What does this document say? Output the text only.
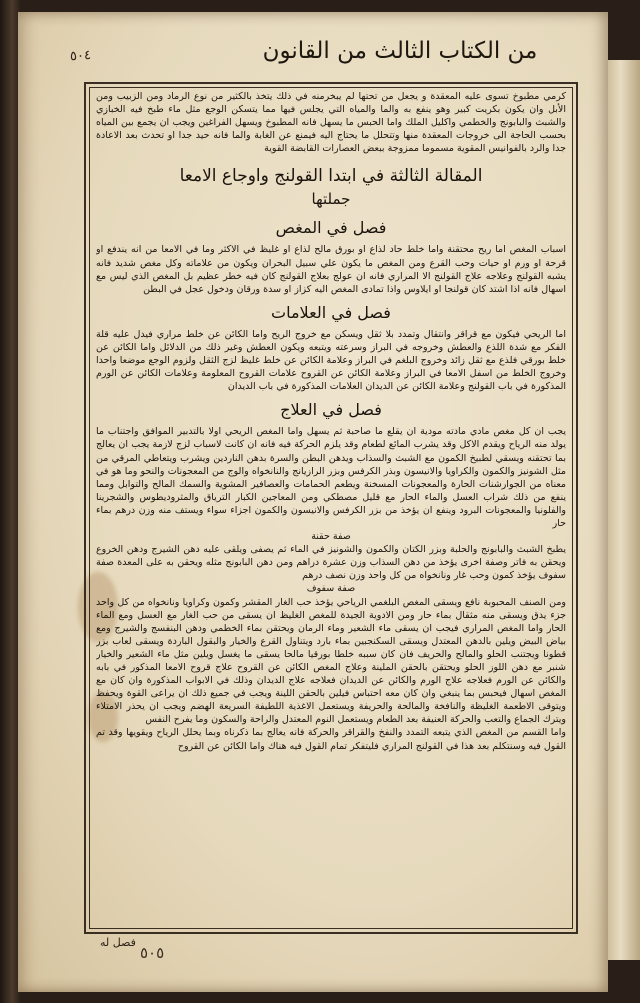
٥٠٤	من الكتاب الثالث من القانون

كرمي مطبوخ تسوى عليه المعقدة و يجعل من تحتها لم يبخرمنه في ذلك يتخذ بالكثير من نوع الرماد ومن الزبيب ومن الأبل وان يكون بكريت كبير وهو ينفع به والما والمياه التي يجلس فيها مما يتسكن الوجع مثل ماء طبخ فيه الخبازي والشبث والبابونج والخطمي واكليل الملك واما الحبس ما يسهل فانه المطبوخ ويسهل الفراغين ويجب ان يجمع بين المياه بحسب الحاجة الى خروجات المعقدة منها وتتحلل ما يحتاج اليه فيمنع عن الغابة والما فانه حيد جدا او تحدث بعد الاعادة جدا والرد بالفوانيس المقوية مسموما ممزوجة ببعض العصارات القابضة القوية

المقالة الثالثة في ابتدا القولنج واوجاع الامعا

جملتها

فصل في المغص

اسباب المغص اما ريح محتقنة واما خلط حاد لذاع او بورق مالح لذاع او غليظ في الاكثر وما في الامعا من انه يندفع او قرحة او ورم او حيات وحب القرع ومن المغص ما يكون علي سبيل البحران ويكون من علاماته وكل مغص شديد فانه يشبه القولنج وعلاجه علاج القولنج الا المراري فانه ان عولج بعلاج القولنج كان فيه خطر عظيم بل المغص الذي ليس مع اسهال فانه اذا اشتد كان قولنجا او ايلاوس واذا تمادى المغص اليه كزاز او سدة ورقان ودخول عجل في البطن

فصل في العلامات

اما الريحي فيكون مع قراقر وانتقال وتمدد بلا ثقل ويسكن مع خروج الريح واما الكائن عن خلط مراري فيدل عليه قلة الفكر مع شدة اللذع والعطش وخروجه في البراز وسرعته ويتبعه ويكون العطش وغير ذلك من الدلائل واما الكائن عن خلط بورقي فلذع مع ثقل زائد وخروج البلغم في البراز وعلامة الكائن عن خلط غليظ لزج الثقل ولزوم الوجع موضعا واحدا وخروج الخلط من اسفل الامعا في البراز وعلامة الكائن عن القروح علامات القروح المعلومة وعلامات الكائن عن الورم المذكورة في باب القولنج وعلامة الكائن عن الديدان العلامات المذكورة في باب الديدان

فصل في العلاج

يجب ان كل مغص مادي مادته مودية ان يقلع ما صاحبة ثم يسهل واما المغص الريحي اولا بالتدبير الموافق واجتناب ما يولد منه الرياح ويقدم الاكل وقد يشرب المائع لطعام وقد يلزم الحركة فيه فانه ان كانت لاسباب لزج لازمة يجب ان يعالج بما تحتقنه ويسقي لطبيخ الكمون مع الشبث والسذاب ويدهن البطن والسرة بدهن الناردين ويشرب ويتعاطي المرقي من مثل الشونيز والكمون والكراويا والانيسون وبذر الكرفس وبزر الرازيانج والنانخواه والوج من المعجونات والنحو وما هو في معناه من الجوارشنات الحارة والمعجونات المسخنة ويطعم الحمامات والعصافير المشوية والسمك المالح والتوابل ومما ينفع من ذلك شراب العسل والماء الحار مع قليل مصطكي ومن المعاجين الكبار الترياق والمثروديطوس والشجرينا والفلونيا والمعجونات البرود وينفع ان يؤخذ من بزر الكرفس والانيسون والكمون اجزاء سواء ويستف منه وزن درهم بماء حار

صفة حقنة

يطبخ الشبث والبابونج والحلبة وبزر الكتان والكمون والشونيز في الماء ثم يصفى ويلقى عليه دهن الشيرج ودهن الخروع ويحقن به فاتر وصفة اخرى يؤخذ من دهن السذاب وزن عشرة دراهم ومن دهن البابونج مثله ويحقن به على المعدة صفة سفوف يؤخذ كمون وحب غار ونانخواه من كل واحد وزن نصف درهم

صفة سفوف

ومن الصنف المحبوبة نافع ويسقى المغص البلغمي الرياحي يؤخذ حب الغار المقشر وكمون وكراويا ونانخواه من كل واحد جزء يدق ويسقى منه مثقال بماء حار ومن الادوية الجيدة للمغص الغليظ ان يسقى من حب الغار مع العسل ومع الماء الحار واما المغص المراري فيجب ان يسقى ماء الشعير وماء الرمان ويحتقن بماء الخطمي ودهن البنفسج والشيرج ومع بياض البيض ويلين بالدهن المعتدل ويسقى السكنجبين بماء بارد ويتناول القرع والخيار والبقول الباردة ويسقى لعاب بزر قطونا ويجتنب الحلو والمالح والحريف فان كان سببه خلطا بورقيا مالحا يسقى ما يغسل ويلين مثل ماء الشعير والخيار شنبر مع دهن اللوز الحلو ويحتقن بالحقن الملينة وعلاج المغص الكائن عن القروح علاج قروح الامعا المذكور في بابه والكائن عن الورم فعلاجه علاج الورم والكائن عن الديدان فعلاجه علاج الديدان وذلك في الابواب المذكورة وان كان مع المغص اسهال فيحبس بما ينبغي وان كان معه احتباس فيلين بالحقن اللينة ويجب في جميع ذلك ان يراعى القوة ويحفظ ويتوقى الاطعمة الغليظة والنافخة والمالحة والحريفة ويستعمل الاغذية اللطيفة السريعة الهضم ويجب ان يحذر الامتلاء ويترك الجماع والتعب والحركة العنيفة بعد الطعام ويستعمل النوم المعتدل والراحة والسكون وما يفرح النفس

واما القسم من المغص الذي يتبعه التمدد والنفخ والقراقر والحركة فانه يعالج بما ذكرناه وبما يحلل الرياح ويقويها وقد تم القول فيه وسنتكلم بعد هذا في القولنج المراري فليتفكر تمام القول فيه هناك واما الكائن عن القروح

فصل له
٥٠٥
